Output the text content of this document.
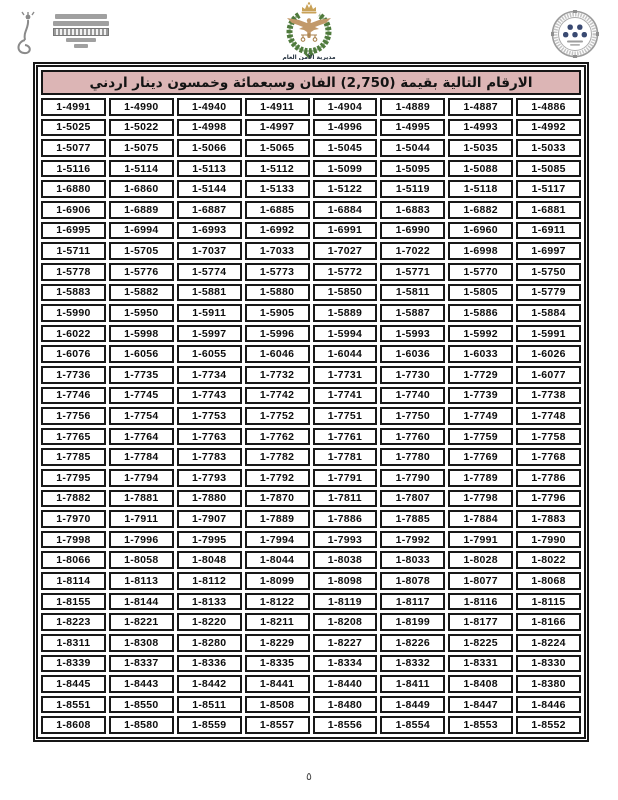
مديرية الأمن العام
الارقام التالية بقيمة (2,750) الفان وسبعمائة وخمسون دينار اردني
1-4991	1-4990	1-4940	1-4911	1-4904	1-4889	1-4887	1-4886
1-5025	1-5022	1-4998	1-4997	1-4996	1-4995	1-4993	1-4992
1-5077	1-5075	1-5066	1-5065	1-5045	1-5044	1-5035	1-5033
1-5116	1-5114	1-5113	1-5112	1-5099	1-5095	1-5088	1-5085
1-6880	1-6860	1-5144	1-5133	1-5122	1-5119	1-5118	1-5117
1-6906	1-6889	1-6887	1-6885	1-6884	1-6883	1-6882	1-6881
1-6995	1-6994	1-6993	1-6992	1-6991	1-6990	1-6960	1-6911
1-5711	1-5705	1-7037	1-7033	1-7027	1-7022	1-6998	1-6997
1-5778	1-5776	1-5774	1-5773	1-5772	1-5771	1-5770	1-5750
1-5883	1-5882	1-5881	1-5880	1-5850	1-5811	1-5805	1-5779
1-5990	1-5950	1-5911	1-5905	1-5889	1-5887	1-5886	1-5884
1-6022	1-5998	1-5997	1-5996	1-5994	1-5993	1-5992	1-5991
1-6076	1-6056	1-6055	1-6046	1-6044	1-6036	1-6033	1-6026
1-7736	1-7735	1-7734	1-7732	1-7731	1-7730	1-7729	1-6077
1-7746	1-7745	1-7743	1-7742	1-7741	1-7740	1-7739	1-7738
1-7756	1-7754	1-7753	1-7752	1-7751	1-7750	1-7749	1-7748
1-7765	1-7764	1-7763	1-7762	1-7761	1-7760	1-7759	1-7758
1-7785	1-7784	1-7783	1-7782	1-7781	1-7780	1-7769	1-7768
1-7795	1-7794	1-7793	1-7792	1-7791	1-7790	1-7789	1-7786
1-7882	1-7881	1-7880	1-7870	1-7811	1-7807	1-7798	1-7796
1-7970	1-7911	1-7907	1-7889	1-7886	1-7885	1-7884	1-7883
1-7998	1-7996	1-7995	1-7994	1-7993	1-7992	1-7991	1-7990
1-8066	1-8058	1-8048	1-8044	1-8038	1-8033	1-8028	1-8022
1-8114	1-8113	1-8112	1-8099	1-8098	1-8078	1-8077	1-8068
1-8155	1-8144	1-8133	1-8122	1-8119	1-8117	1-8116	1-8115
1-8223	1-8221	1-8220	1-8211	1-8208	1-8199	1-8177	1-8166
1-8311	1-8308	1-8280	1-8229	1-8227	1-8226	1-8225	1-8224
1-8339	1-8337	1-8336	1-8335	1-8334	1-8332	1-8331	1-8330
1-8445	1-8443	1-8442	1-8441	1-8440	1-8411	1-8408	1-8380
1-8551	1-8550	1-8511	1-8508	1-8480	1-8449	1-8447	1-8446
1-8608	1-8580	1-8559	1-8557	1-8556	1-8554	1-8553	1-8552
٥
